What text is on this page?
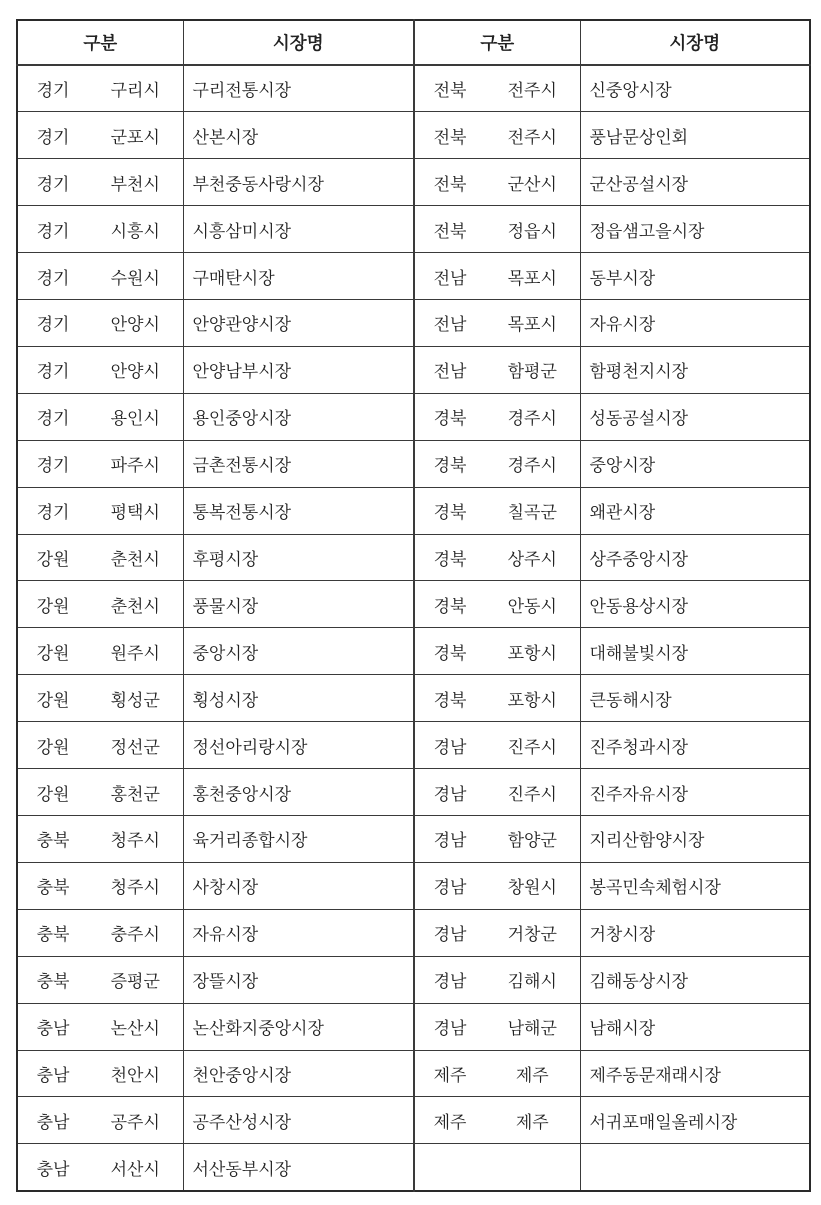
구분		시장명	구분		시장명
경기	구리시	구리전통시장	전북	전주시	신중앙시장
경기	군포시	산본시장	전북	전주시	풍남문상인회
경기	부천시	부천중동사랑시장	전북	군산시	군산공설시장
경기	시흥시	시흥삼미시장	전북	정읍시	정읍샘고을시장
경기	수원시	구매탄시장	전남	목포시	동부시장
경기	안양시	안양관양시장	전남	목포시	자유시장
경기	안양시	안양남부시장	전남	함평군	함평천지시장
경기	용인시	용인중앙시장	경북	경주시	성동공설시장
경기	파주시	금촌전통시장	경북	경주시	중앙시장
경기	평택시	통복전통시장	경북	칠곡군	왜관시장
강원	춘천시	후평시장	경북	상주시	상주중앙시장
강원	춘천시	풍물시장	경북	안동시	안동용상시장
강원	원주시	중앙시장	경북	포항시	대해불빛시장
강원	횡성군	횡성시장	경북	포항시	큰동해시장
강원	정선군	정선아리랑시장	경남	진주시	진주청과시장
강원	홍천군	홍천중앙시장	경남	진주시	진주자유시장
충북	청주시	육거리종합시장	경남	함양군	지리산함양시장
충북	청주시	사창시장	경남	창원시	봉곡민속체험시장
충북	충주시	자유시장	경남	거창군	거창시장
충북	증평군	장뜰시장	경남	김해시	김해동상시장
충남	논산시	논산화지중앙시장	경남	남해군	남해시장
충남	천안시	천안중앙시장	제주	제주	제주동문재래시장
충남	공주시	공주산성시장	제주	제주	서귀포매일올레시장
충남	서산시	서산동부시장			
